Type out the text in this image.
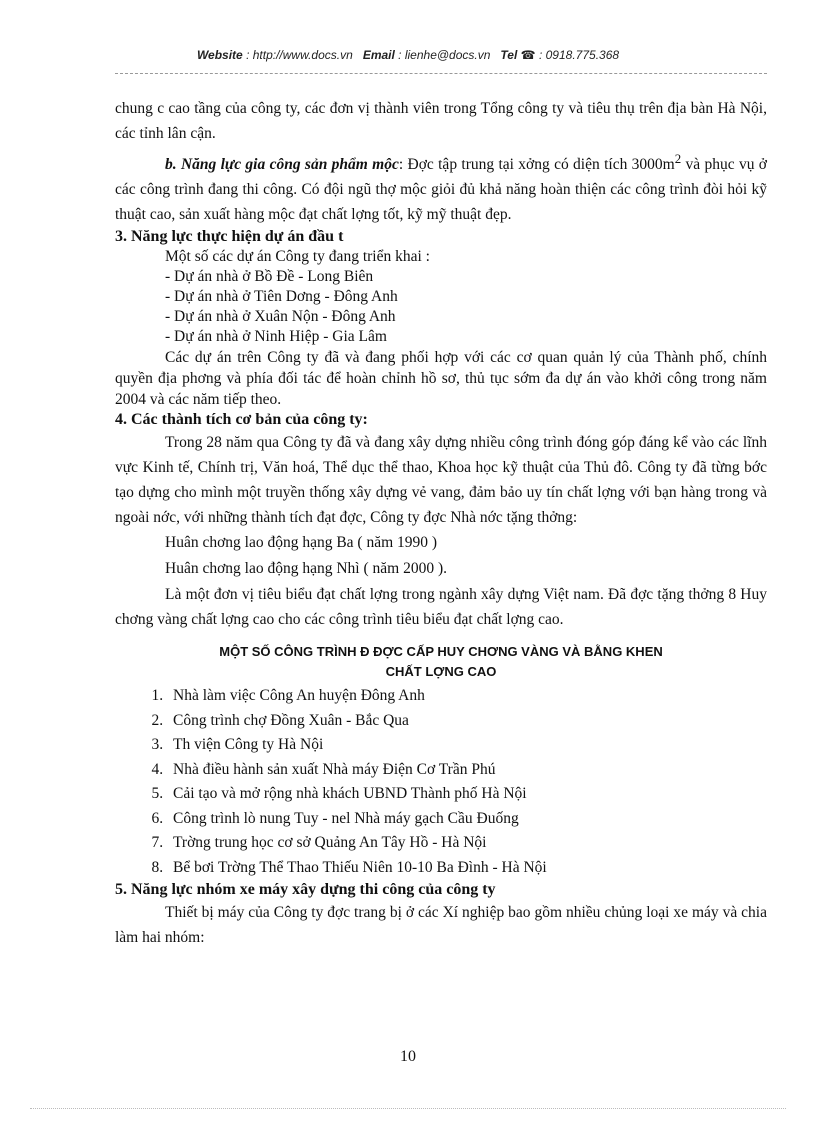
Website : http://www.docs.vn Email : lienhe@docs.vn Tel ☎ : 0918.775.368

chung c cao tầng của công ty, các đơn vị thành viên trong Tổng công ty và tiêu thụ trên địa bàn Hà Nội, các tỉnh lân cận.

b. Năng lực gia công sản phẩm mộc: Đợc tập trung tại xởng có diện tích $3000m^2$ và phục vụ ở các công trình đang thi công. Có đội ngũ thợ mộc giỏi đủ khả năng hoàn thiện các công trình đòi hỏi kỹ thuật cao, sản xuất hàng mộc đạt chất lợng tốt, kỹ mỹ thuật đẹp.

3. Năng lực thực hiện dự án đầu t

Một số các dự án Công ty đang triển khai :

- Dự án nhà ở Bồ Đề - Long Biên

- Dự án nhà ở Tiên Dơng - Đông Anh

- Dự án nhà ở Xuân Nộn - Đông Anh

- Dự án nhà ở Ninh Hiệp - Gia Lâm

Các dự án trên Công ty đã và đang phối hợp với các cơ quan quản lý của Thành phố, chính quyền địa phơng và phía đối tác để hoàn chỉnh hồ sơ, thủ tục sớm đa dự án vào khởi công trong năm 2004 và các năm tiếp theo.

4. Các thành tích cơ bản của công ty:

Trong 28 năm qua Công ty đã và đang xây dựng nhiều công trình đóng góp đáng kể vào các lĩnh vực Kinh tế, Chính trị, Văn hoá, Thể dục thể thao, Khoa học kỹ thuật của Thủ đô. Công ty đã từng bớc tạo dựng cho mình một truyền thống xây dựng vẻ vang, đảm bảo uy tín chất lợng với bạn hàng trong và ngoài nớc, với những thành tích đạt đợc, Công ty đợc Nhà nớc tặng thởng:

Huân chơng lao động hạng Ba ( năm 1990 )

Huân chơng lao động hạng Nhì ( năm 2000 ).

Là một đơn vị tiêu biểu đạt chất lợng trong ngành xây dựng Việt nam. Đã đợc tặng thởng 8 Huy chơng vàng chất lợng cao cho các công trình tiêu biểu đạt chất lợng cao.

MỘT SỐ CÔNG TRÌNH Đ ĐỢC CẤP HUY CHƠNG VÀNG VÀ BẰNG KHEN
CHẤT LỢNG CAO
1. Nhà làm việc Công An huyện Đông Anh
2. Công trình chợ Đồng Xuân - Bắc Qua
3. Th viện Công ty Hà Nội
4. Nhà điều hành sản xuất Nhà máy Điện Cơ Trần Phú
5. Cải tạo và mở rộng nhà khách UBND Thành phố Hà Nội
6. Công trình lò nung Tuy - nel Nhà máy gạch Cầu Đuống
7. Trờng trung học cơ sở Quảng An Tây Hồ - Hà Nội
8. Bể bơi Trờng Thể Thao Thiếu Niên 10-10 Ba Đình - Hà Nội

5. Năng lực nhóm xe máy xây dựng thi công của công ty

Thiết bị máy của Công ty đợc trang bị ở các Xí nghiệp bao gồm nhiều chủng loại xe máy và chia làm hai nhóm:

10
